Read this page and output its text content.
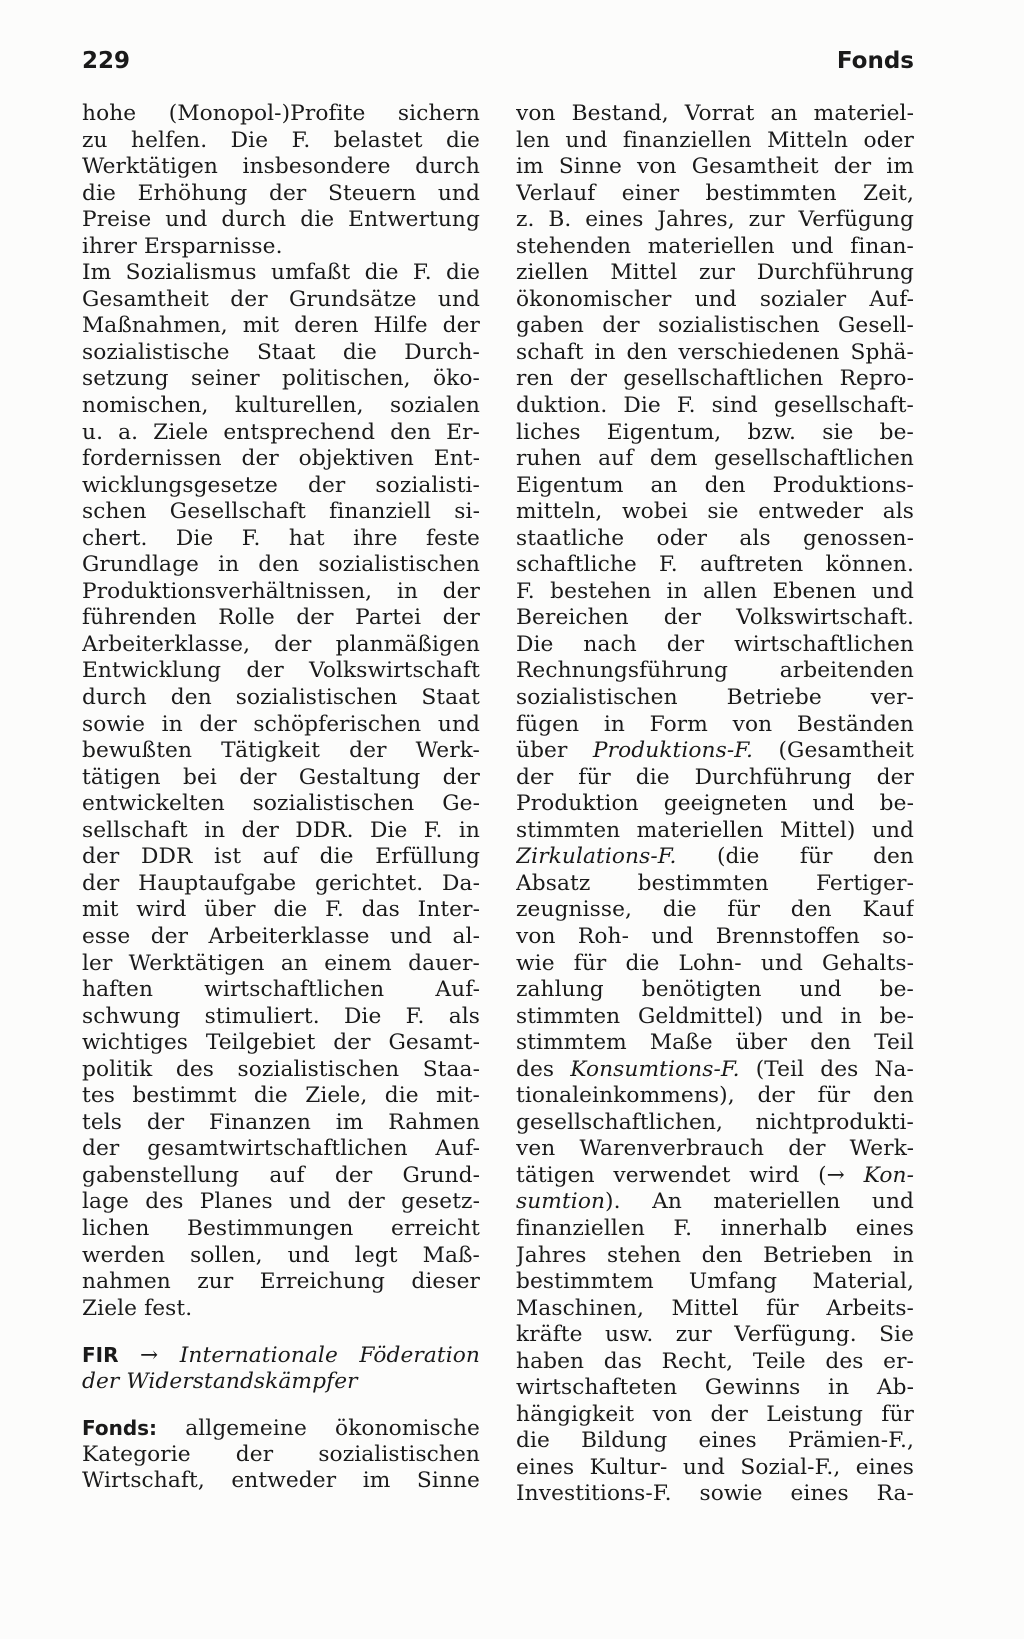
229	Fonds
hohe (Monopol-)Profite sichern
zu helfen. Die F. belastet die
Werktätigen insbesondere durch
die Erhöhung der Steuern und
Preise und durch die Entwertung
ihrer Ersparnisse.
Im Sozialismus umfaßt die F. die
Gesamtheit der Grundsätze und
Maßnahmen, mit deren Hilfe der
sozialistische Staat die Durch-
setzung seiner politischen, öko-
nomischen, kulturellen, sozialen
u. a. Ziele entsprechend den Er-
fordernissen der objektiven Ent-
wicklungsgesetze der sozialisti-
schen Gesellschaft finanziell si-
chert. Die F. hat ihre feste
Grundlage in den sozialistischen
Produktionsverhältnissen, in der
führenden Rolle der Partei der
Arbeiterklasse, der planmäßigen
Entwicklung der Volkswirtschaft
durch den sozialistischen Staat
sowie in der schöpferischen und
bewußten Tätigkeit der Werk-
tätigen bei der Gestaltung der
entwickelten sozialistischen Ge-
sellschaft in der DDR. Die F. in
der DDR ist auf die Erfüllung
der Hauptaufgabe gerichtet. Da-
mit wird über die F. das Inter-
esse der Arbeiterklasse und al-
ler Werktätigen an einem dauer-
haften wirtschaftlichen Auf-
schwung stimuliert. Die F. als
wichtiges Teilgebiet der Gesamt-
politik des sozialistischen Staa-
tes bestimmt die Ziele, die mit-
tels der Finanzen im Rahmen
der gesamtwirtschaftlichen Auf-
gabenstellung auf der Grund-
lage des Planes und der gesetz-
lichen Bestimmungen erreicht
werden sollen, und legt Maß-
nahmen zur Erreichung dieser
Ziele fest.
FIR → Internationale Föderation
der Widerstandskämpfer
Fonds: allgemeine ökonomische
Kategorie der sozialistischen
Wirtschaft, entweder im Sinne
von Bestand, Vorrat an materiel-
len und finanziellen Mitteln oder
im Sinne von Gesamtheit der im
Verlauf einer bestimmten Zeit,
z. B. eines Jahres, zur Verfügung
stehenden materiellen und finan-
ziellen Mittel zur Durchführung
ökonomischer und sozialer Auf-
gaben der sozialistischen Gesell-
schaft in den verschiedenen Sphä-
ren der gesellschaftlichen Repro-
duktion. Die F. sind gesellschaft-
liches Eigentum, bzw. sie be-
ruhen auf dem gesellschaftlichen
Eigentum an den Produktions-
mitteln, wobei sie entweder als
staatliche oder als genossen-
schaftliche F. auftreten können.
F. bestehen in allen Ebenen und
Bereichen der Volkswirtschaft.
Die nach der wirtschaftlichen
Rechnungsführung arbeitenden
sozialistischen Betriebe ver-
fügen in Form von Beständen
über Produktions-F. (Gesamtheit
der für die Durchführung der
Produktion geeigneten und be-
stimmten materiellen Mittel) und
Zirkulations-F. (die für den
Absatz bestimmten Fertiger-
zeugnisse, die für den Kauf
von Roh- und Brennstoffen so-
wie für die Lohn- und Gehalts-
zahlung benötigten und be-
stimmten Geldmittel) und in be-
stimmtem Maße über den Teil
des Konsumtions-F. (Teil des Na-
tionaleinkommens), der für den
gesellschaftlichen, nichtprodukti-
ven Warenverbrauch der Werk-
tätigen verwendet wird (→ Kon-
sumtion). An materiellen und
finanziellen F. innerhalb eines
Jahres stehen den Betrieben in
bestimmtem Umfang Material,
Maschinen, Mittel für Arbeits-
kräfte usw. zur Verfügung. Sie
haben das Recht, Teile des er-
wirtschafteten Gewinns in Ab-
hängigkeit von der Leistung für
die Bildung eines Prämien-F.,
eines Kultur- und Sozial-F., eines
Investitions-F. sowie eines Ra-
